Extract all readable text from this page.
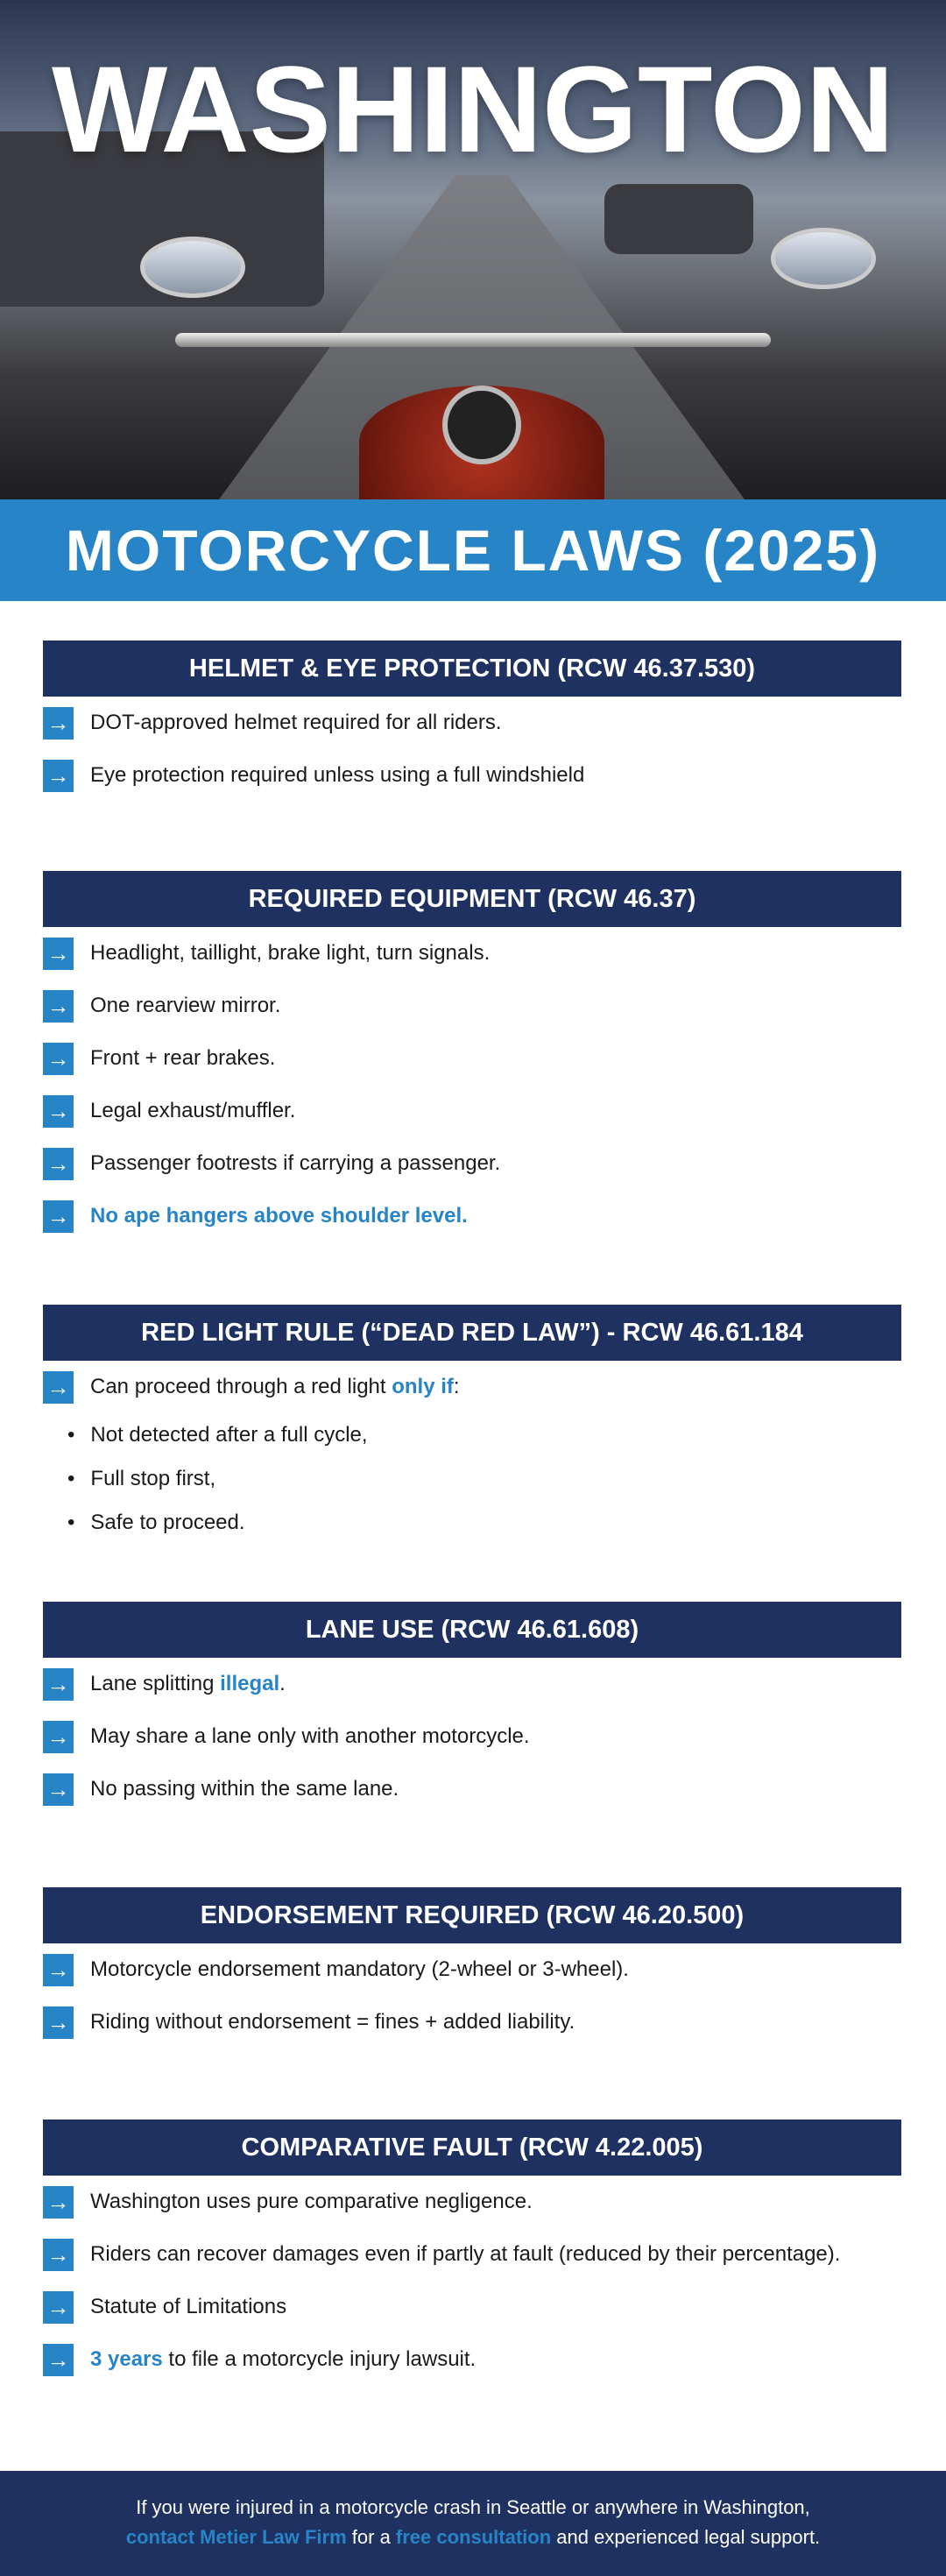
WASHINGTON
MOTORCYCLE LAWS (2025)
HELMET & EYE PROTECTION (RCW 46.37.530)
→ DOT-approved helmet required for all riders.
→ Eye protection required unless using a full windshield
REQUIRED EQUIPMENT (RCW 46.37)
→ Headlight, taillight, brake light, turn signals.
→ One rearview mirror.
→ Front + rear brakes.
→ Legal exhaust/muffler.
→ Passenger footrests if carrying a passenger.
→ No ape hangers above shoulder level.
RED LIGHT RULE (“DEAD RED LAW”) - RCW 46.61.184
→ Can proceed through a red light only if :
• Not detected after a full cycle,
• Full stop first,
• Safe to proceed.
LANE USE (RCW 46.61.608)
→ Lane splitting illegal .
→ May share a lane only with another motorcycle.
→ No passing within the same lane.
ENDORSEMENT REQUIRED (RCW 46.20.500)
→ Motorcycle endorsement mandatory (2-wheel or 3-wheel).
→ Riding without endorsement = fines + added liability.
COMPARATIVE FAULT (RCW 4.22.005)
→ Washington uses pure comparative negligence.
→ Riders can recover damages even if partly at fault (reduced by their percentage).
→ Statute of Limitations
→ 3 years to file a motorcycle injury lawsuit.
If you were injured in a motorcycle crash in Seattle or anywhere in Washington,
contact Metier Law Firm for a free consultation and experienced legal support.
